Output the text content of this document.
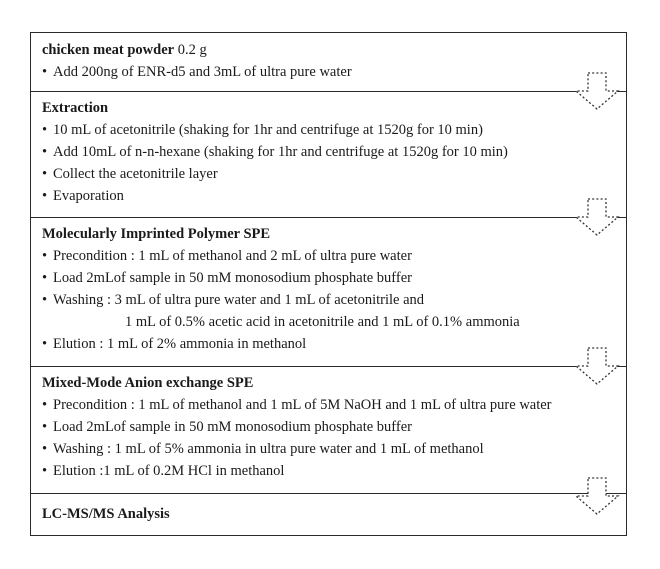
chicken meat powder 0.2 g
• Add 200ng of ENR-d5 and 3mL of ultra pure water
Extraction
• 10 mL of acetonitrile (shaking for 1hr and centrifuge at 1520g for 10 min)
• Add 10mL of n-n-hexane (shaking for 1hr and centrifuge at 1520g for 10 min)
• Collect the acetonitrile layer
• Evaporation
Molecularly Imprinted Polymer SPE
• Precondition : 1 mL of methanol and 2 mL of ultra pure water
• Load 2mLof sample in 50 mM monosodium phosphate buffer
• Washing : 3 mL of ultra pure water and 1 mL of acetonitrile and
1 mL of 0.5% acetic acid in acetonitrile and 1 mL of 0.1% ammonia
• Elution : 1 mL of 2% ammonia in methanol
Mixed-Mode Anion exchange SPE
• Precondition : 1 mL of methanol and 1 mL of 5M NaOH and 1 mL of ultra pure water
• Load 2mLof sample in 50 mM monosodium phosphate buffer
• Washing : 1 mL of 5% ammonia in ultra pure water and 1 mL of methanol
• Elution :1 mL of 0.2M HCl in methanol
LC-MS/MS Analysis
